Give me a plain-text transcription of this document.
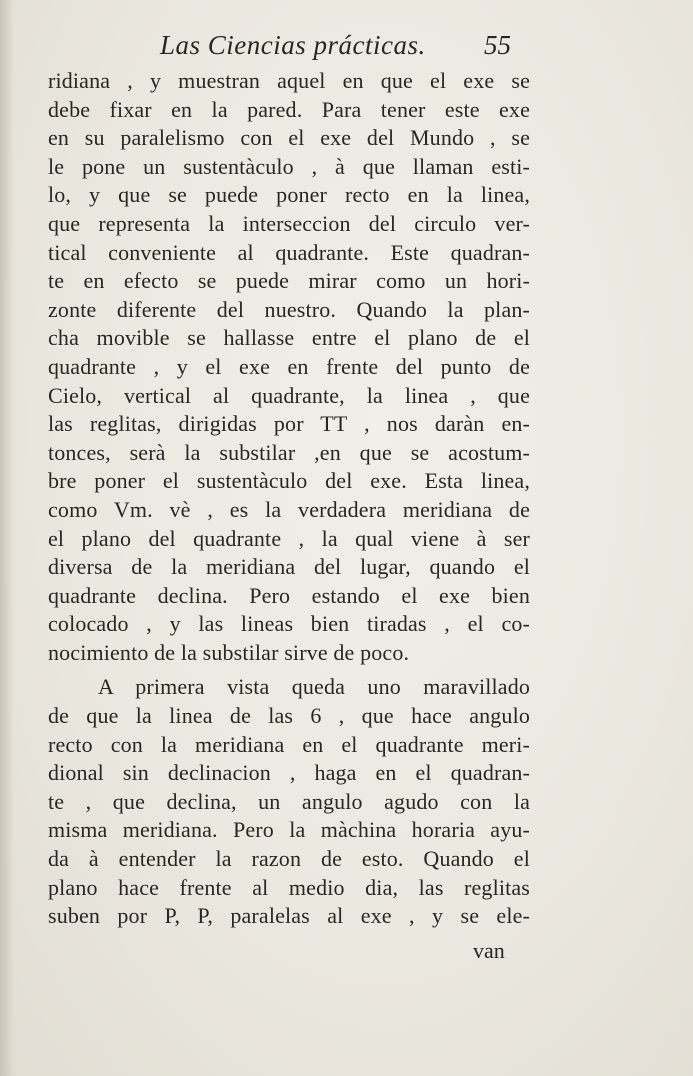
Las Ciencias prácticas. 55
ridiana , y muestran aquel en que el exe se
debe fixar en la pared. Para tener este exe
en su paralelismo con el exe del Mundo , se
le pone un sustentàculo , à que llaman esti-
lo, y que se puede poner recto en la linea,
que representa la interseccion del circulo ver-
tical conveniente al quadrante. Este quadran-
te en efecto se puede mirar como un hori-
zonte diferente del nuestro. Quando la plan-
cha movible se hallasse entre el plano de el
quadrante , y el exe en frente del punto de
Cielo, vertical al quadrante, la linea , que
las reglitas, dirigidas por TT , nos daràn en-
tonces, serà la substilar ,en que se acostum-
bre poner el sustentàculo del exe. Esta linea,
como Vm. vè , es la verdadera meridiana de
el plano del quadrante , la qual viene à ser
diversa de la meridiana del lugar, quando el
quadrante declina. Pero estando el exe bien
colocado , y las lineas bien tiradas , el co-
nocimiento de la substilar sirve de poco.
A primera vista queda uno maravillado
de que la linea de las 6 , que hace angulo
recto con la meridiana en el quadrante meri-
dional sin declinacion , haga en el quadran-
te , que declina, un angulo agudo con la
misma meridiana. Pero la màchina horaria ayu-
da à entender la razon de esto. Quando el
plano hace frente al medio dia, las reglitas
suben por P, P, paralelas al exe , y se ele-
van
